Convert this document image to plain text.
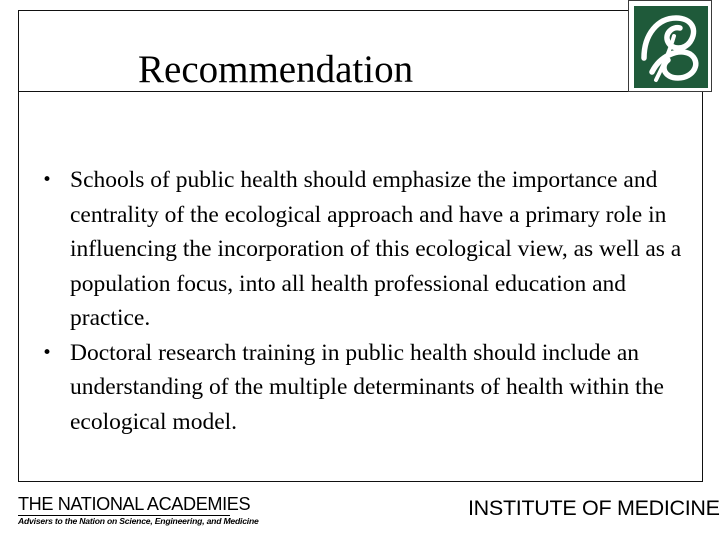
Recommendation
• Schools of public health should emphasize the importance and centrality of the ecological approach and have a primary role in influencing the incorporation of this ecological view, as well as a population focus, into all health professional education and practice.
• Doctoral research training in public health should include an understanding of the multiple determinants of health within the ecological model.
THE NATIONAL ACADEMIES
Advisers to the Nation on Science, Engineering, and Medicine
INSTITUTE OF MEDICINE
